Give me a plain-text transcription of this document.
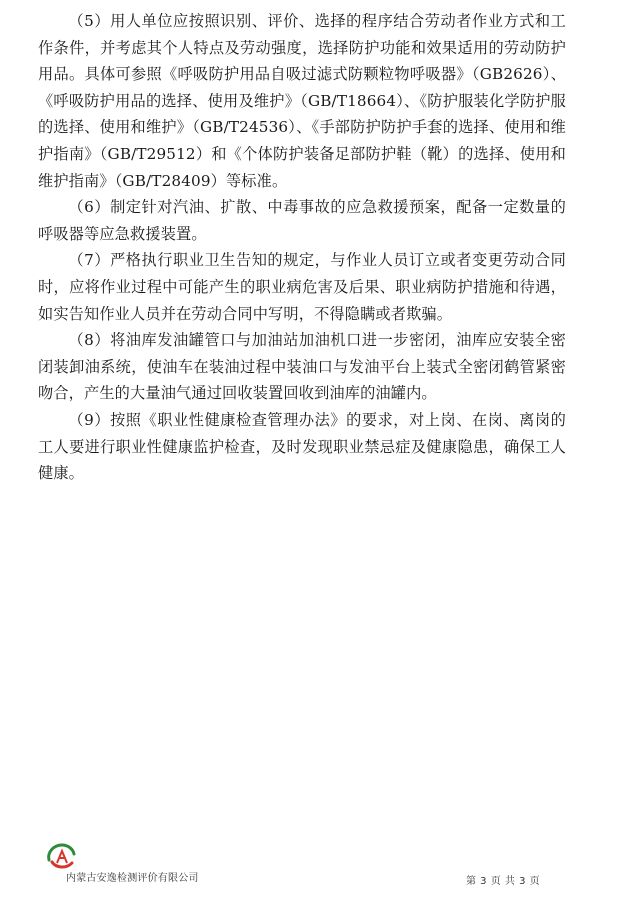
（5）用人单位应按照识别、评价、选择的程序结合劳动者作业方式和工作条件，并考虑其个人特点及劳动强度，选择防护功能和效果适用的劳动防护用品。具体可参照《呼吸防护用品自吸过滤式防颗粒物呼吸器》（GB2626）、《呼吸防护用品的选择、使用及维护》（GB/T18664）、《防护服装化学防护服的选择、使用和维护》（GB/T24536）、《手部防护防护手套的选择、使用和维护指南》（GB/T29512）和《个体防护装备足部防护鞋（靴）的选择、使用和维护指南》（GB/T28409）等标准。

（6）制定针对汽油、扩散、中毒事故的应急救援预案，配备一定数量的呼吸器等应急救援装置。

（7）严格执行职业卫生告知的规定，与作业人员订立或者变更劳动合同时，应将作业过程中可能产生的职业病危害及后果、职业病防护措施和待遇，如实告知作业人员并在劳动合同中写明，不得隐瞒或者欺骗。

（8）将油库发油罐管口与加油站加油机口进一步密闭，油库应安装全密闭装卸油系统，使油车在装油过程中装油口与发油平台上装式全密闭鹤管紧密吻合，产生的大量油气通过回收装置回收到油库的油罐内。

（9）按照《职业性健康检查管理办法》的要求，对上岗、在岗、离岗的工人要进行职业性健康监护检查，及时发现职业禁忌症及健康隐患，确保工人健康。

内蒙古安逸检测评价有限公司	第 3 页 共 3 页
